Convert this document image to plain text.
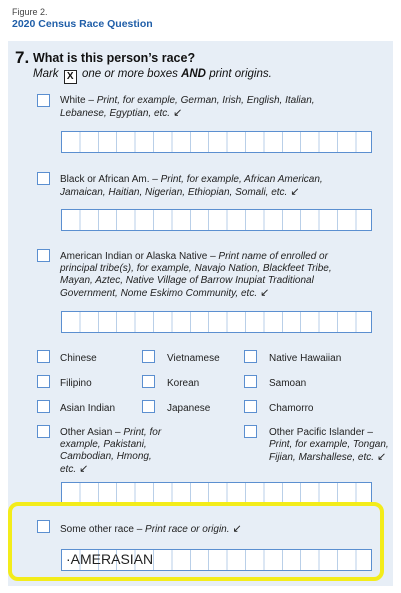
Figure 2.
2020 Census Race Question
7. What is this person’s race?
Mark X one or more boxes AND print origins.
White – Print, for example, German, Irish, English, Italian, Lebanese, Egyptian, etc. ↙
Black or African Am. – Print, for example, African American, Jamaican, Haitian, Nigerian, Ethiopian, Somali, etc. ↙
American Indian or Alaska Native – Print name of enrolled or principal tribe(s), for example, Navajo Nation, Blackfeet Tribe, Mayan, Aztec, Native Village of Barrow Inupiat Traditional Government, Nome Eskimo Community, etc. ↙
Chinese	Vietnamese	Native Hawaiian
Filipino	Korean	Samoan
Asian Indian	Japanese	Chamorro
Other Asian – Print, for example, Pakistani, Cambodian, Hmong, etc. ↙
Other Pacific Islander – Print, for example, Tongan, Fijian, Marshallese, etc. ↙
Some other race – Print race or origin. ↙
·AMERASIAN
